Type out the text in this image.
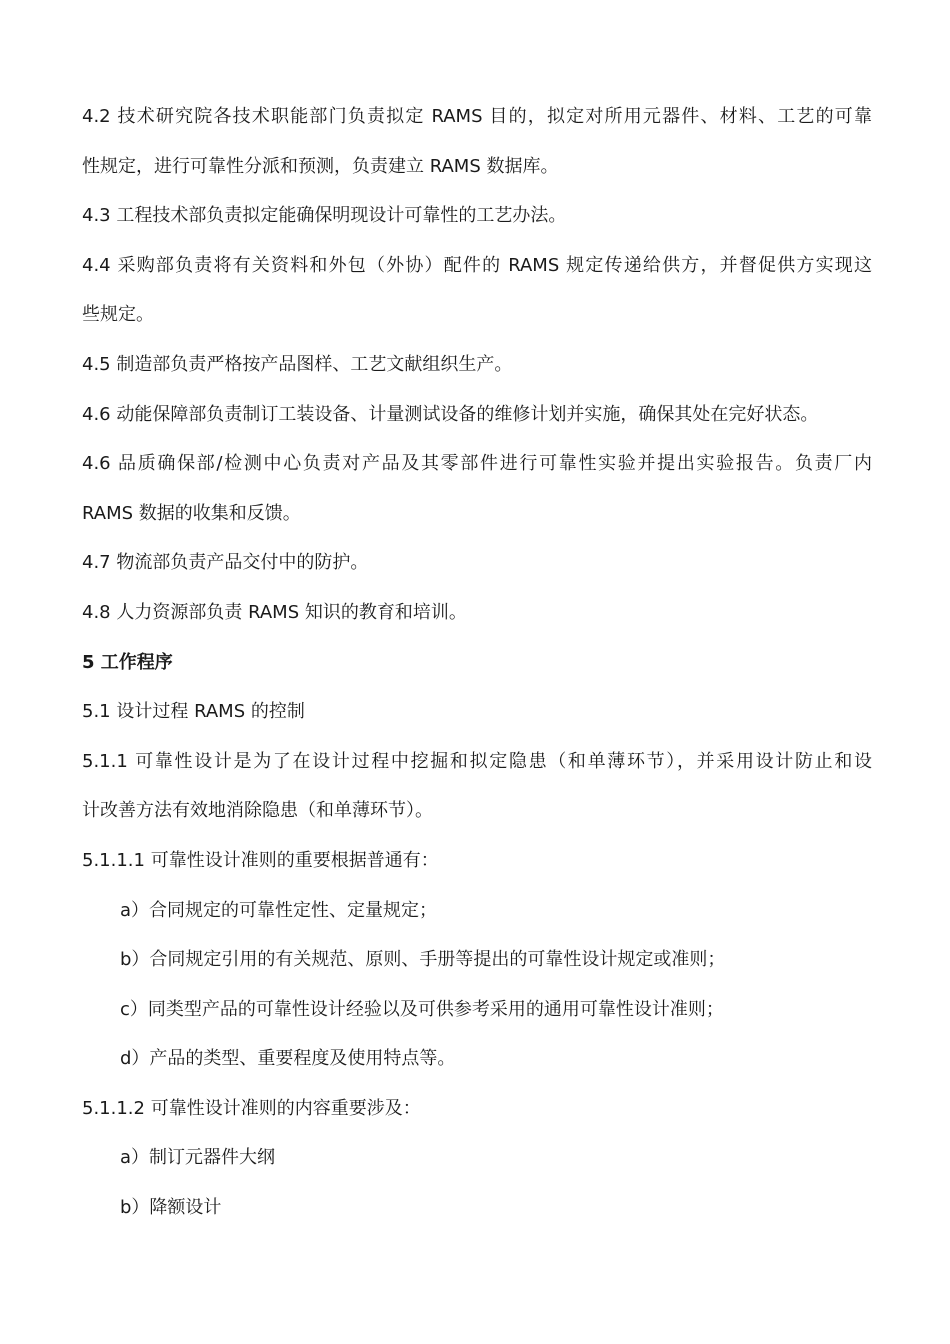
4.2 技术研究院各技术职能部门负责拟定 RAMS 目的，拟定对所用元器件、材料、工艺的可靠
性规定，进行可靠性分派和预测，负责建立 RAMS 数据库。
4.3 工程技术部负责拟定能确保明现设计可靠性的工艺办法。
4.4 采购部负责将有关资料和外包（外协）配件的 RAMS 规定传递给供方，并督促供方实现这
些规定。
4.5 制造部负责严格按产品图样、工艺文献组织生产。
4.6 动能保障部负责制订工装设备、计量测试设备的维修计划并实施，确保其处在完好状态。
4.6 品质确保部/检测中心负责对产品及其零部件进行可靠性实验并提出实验报告。负责厂内
RAMS 数据的收集和反馈。
4.7 物流部负责产品交付中的防护。
4.8 人力资源部负责 RAMS 知识的教育和培训。
5 工作程序
5.1 设计过程 RAMS 的控制
5.1.1 可靠性设计是为了在设计过程中挖掘和拟定隐患（和单薄环节），并采用设计防止和设
计改善方法有效地消除隐患（和单薄环节）。
5.1.1.1 可靠性设计准则的重要根据普通有：
a）合同规定的可靠性定性、定量规定；
b）合同规定引用的有关规范、原则、手册等提出的可靠性设计规定或准则；
c）同类型产品的可靠性设计经验以及可供参考采用的通用可靠性设计准则；
d）产品的类型、重要程度及使用特点等。
5.1.1.2 可靠性设计准则的内容重要涉及：
a）制订元器件大纲
b）降额设计
